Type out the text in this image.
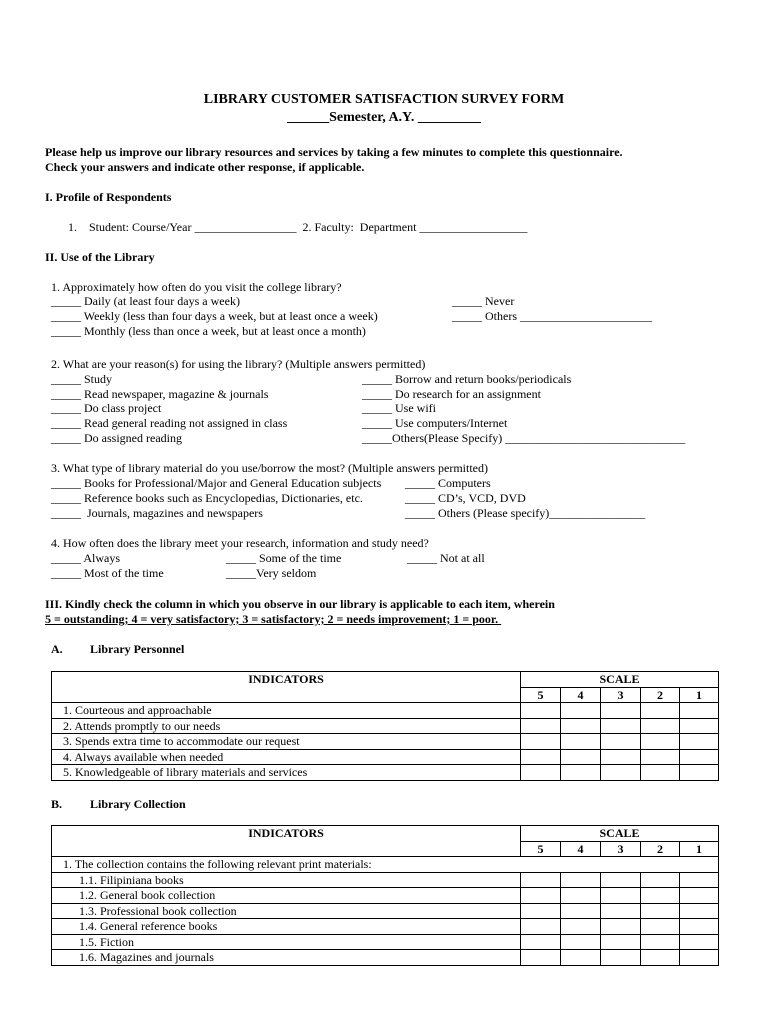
LIBRARY CUSTOMER SATISFACTION SURVEY FORM
______Semester, A.Y. _________
Please help us improve our library resources and services by taking a few minutes to complete this questionnaire.
Check your answers and indicate other response, if applicable.
I. Profile of Respondents
1.    Student: Course/Year _________________  2. Faculty:  Department __________________
II. Use of the Library
1. Approximately how often do you visit the college library?
_____ Daily (at least four days a week)
_____ Weekly (less than four days a week, but at least once a week)
_____ Monthly (less than once a week, but at least once a month)
_____ Never
_____ Others ______________________
2. What are your reason(s) for using the library? (Multiple answers permitted)
_____ Study
_____ Read newspaper, magazine & journals
_____ Do class project
_____ Read general reading not assigned in class
_____ Do assigned reading
_____ Borrow and return books/periodicals
_____ Do research for an assignment
_____ Use wifi
_____ Use computers/Internet
_____Others(Please Specify) ______________________________
3. What type of library material do you use/borrow the most? (Multiple answers permitted)
_____ Books for Professional/Major and General Education subjects
_____ Reference books such as Encyclopedias, Dictionaries, etc.
_____  Journals, magazines and newspapers
_____ Computers
_____ CD’s, VCD, DVD
_____ Others (Please specify)________________
4. How often does the library meet your research, information and study need?
_____ Always
_____ Most of the time
_____ Some of the time
_____Very seldom
_____ Not at all
III. Kindly check the column in which you observe in our library is applicable to each item, wherein
5 = outstanding; 4 = very satisfactory; 3 = satisfactory; 2 = needs improvement; 1 = poor.
A. Library Personnel
INDICATORS	SCALE				
	5	4	3	2	1
1. Courteous and approachable					
2. Attends promptly to our needs					
3. Spends extra time to accommodate our request					
4. Always available when needed					
5. Knowledgeable of library materials and services					
B. Library Collection
INDICATORS	SCALE				
	5	4	3	2	1
1. The collection contains the following relevant print materials:					
1.1. Filipiniana books					
1.2. General book collection					
1.3. Professional book collection					
1.4. General reference books					
1.5. Fiction					
1.6. Magazines and journals					
